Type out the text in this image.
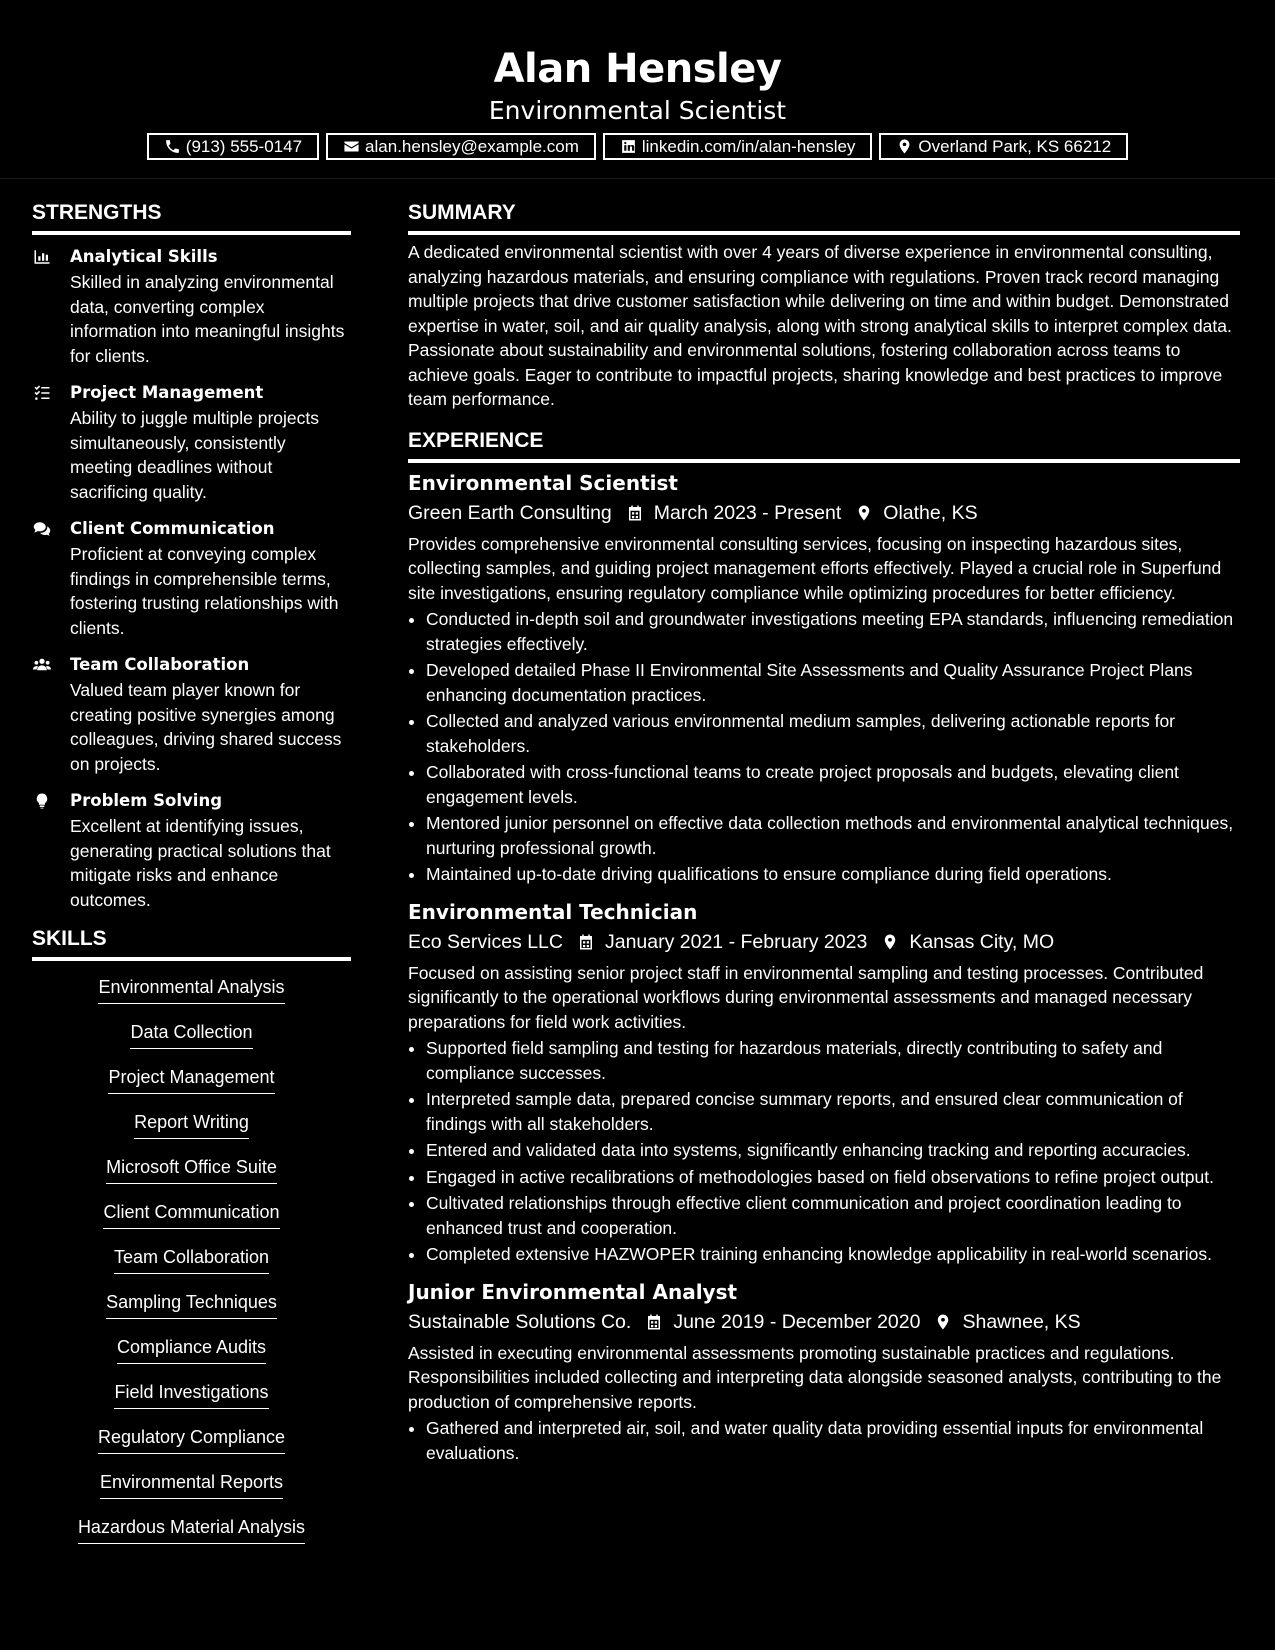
Alan Hensley
Environmental Scientist
(913) 555-0147	alan.hensley@example.com	linkedin.com/in/alan-hensley	Overland Park, KS 66212
STRENGTHS
Analytical Skills
Skilled in analyzing environmental data, converting complex information into meaningful insights for clients.
Project Management
Ability to juggle multiple projects simultaneously, consistently meeting deadlines without sacrificing quality.
Client Communication
Proficient at conveying complex findings in comprehensible terms, fostering trusting relationships with clients.
Team Collaboration
Valued team player known for creating positive synergies among colleagues, driving shared success on projects.
Problem Solving
Excellent at identifying issues, generating practical solutions that mitigate risks and enhance outcomes.
SKILLS
Environmental Analysis
Data Collection
Project Management
Report Writing
Microsoft Office Suite
Client Communication
Team Collaboration
Sampling Techniques
Compliance Audits
Field Investigations
Regulatory Compliance
Environmental Reports
Hazardous Material Analysis
SUMMARY
A dedicated environmental scientist with over 4 years of diverse experience in environmental consulting, analyzing hazardous materials, and ensuring compliance with regulations. Proven track record managing multiple projects that drive customer satisfaction while delivering on time and within budget. Demonstrated expertise in water, soil, and air quality analysis, along with strong analytical skills to interpret complex data. Passionate about sustainability and environmental solutions, fostering collaboration across teams to achieve goals. Eager to contribute to impactful projects, sharing knowledge and best practices to improve team performance.
EXPERIENCE
Environmental Scientist
Green Earth Consulting March 2023 - Present Olathe, KS
Provides comprehensive environmental consulting services, focusing on inspecting hazardous sites, collecting samples, and guiding project management efforts effectively. Played a crucial role in Superfund site investigations, ensuring regulatory compliance while optimizing procedures for better efficiency.
• Conducted in-depth soil and groundwater investigations meeting EPA standards, influencing remediation strategies effectively.
• Developed detailed Phase II Environmental Site Assessments and Quality Assurance Project Plans enhancing documentation practices.
• Collected and analyzed various environmental medium samples, delivering actionable reports for stakeholders.
• Collaborated with cross-functional teams to create project proposals and budgets, elevating client engagement levels.
• Mentored junior personnel on effective data collection methods and environmental analytical techniques, nurturing professional growth.
• Maintained up-to-date driving qualifications to ensure compliance during field operations.
Environmental Technician
Eco Services LLC January 2021 - February 2023 Kansas City, MO
Focused on assisting senior project staff in environmental sampling and testing processes. Contributed significantly to the operational workflows during environmental assessments and managed necessary preparations for field work activities.
• Supported field sampling and testing for hazardous materials, directly contributing to safety and compliance successes.
• Interpreted sample data, prepared concise summary reports, and ensured clear communication of findings with all stakeholders.
• Entered and validated data into systems, significantly enhancing tracking and reporting accuracies.
• Engaged in active recalibrations of methodologies based on field observations to refine project output.
• Cultivated relationships through effective client communication and project coordination leading to enhanced trust and cooperation.
• Completed extensive HAZWOPER training enhancing knowledge applicability in real-world scenarios.
Junior Environmental Analyst
Sustainable Solutions Co. June 2019 - December 2020 Shawnee, KS
Assisted in executing environmental assessments promoting sustainable practices and regulations. Responsibilities included collecting and interpreting data alongside seasoned analysts, contributing to the production of comprehensive reports.
• Gathered and interpreted air, soil, and water quality data providing essential inputs for environmental evaluations.
